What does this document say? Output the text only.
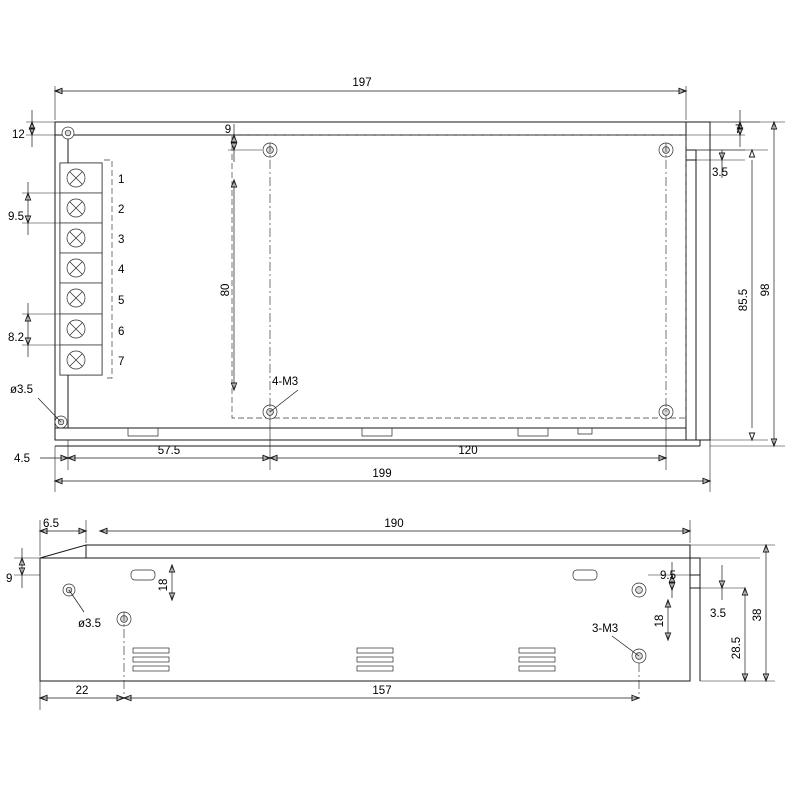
1
2
3
4
5
6
7
197
12	9
80
9.5
8.2
ø3.5
4-M3
7
3.5
85.5 98
4.5
57.5	120
199
6.5	190
9
ø3.5
18
18
9.5
3-M3
3.5
28.5
38
22	157
